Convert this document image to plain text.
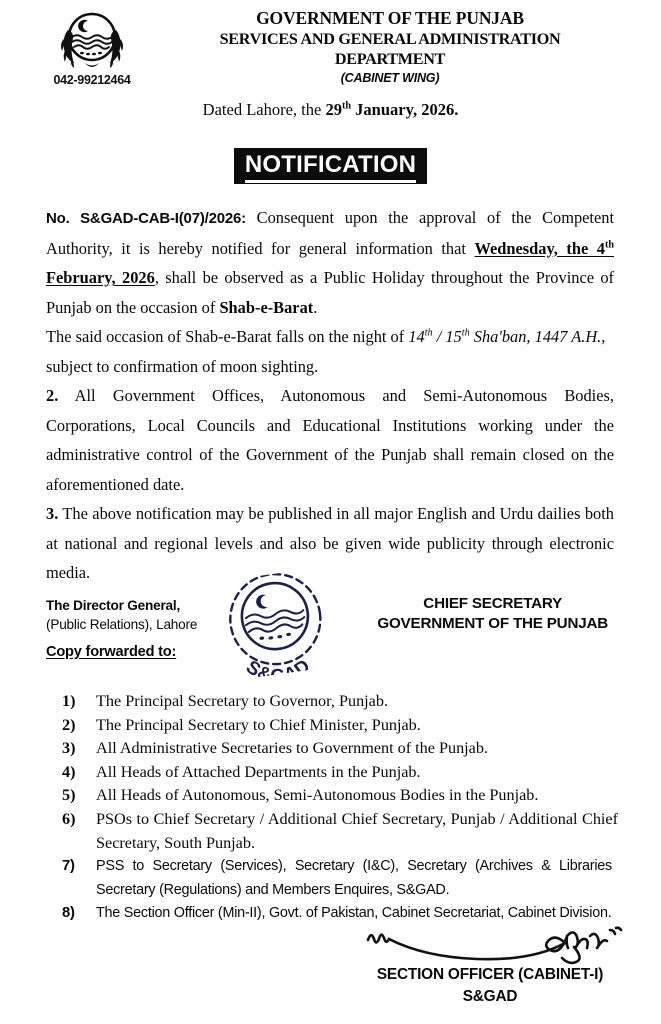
042-99212464
GOVERNMENT OF THE PUNJAB
SERVICES AND GENERAL ADMINISTRATION
DEPARTMENT
(CABINET WING)
Dated Lahore, the 29th January, 2026.
NOTIFICATION

No. S&GAD-CAB-I(07)/2026: Consequent upon the approval of the Competent Authority, it is hereby notified for general information that Wednesday, the 4th February, 2026, shall be observed as a Public Holiday throughout the Province of Punjab on the occasion of Shab-e-Barat.

The said occasion of Shab-e-Barat falls on the night of 14th / 15th Sha'ban, 1447 A.H., subject to confirmation of moon sighting.

2. All Government Offices, Autonomous and Semi-Autonomous Bodies, Corporations, Local Councils and Educational Institutions working under the administrative control of the Government of the Punjab shall remain closed on the aforementioned date.

3. The above notification may be published in all major English and Urdu dailies both at national and regional levels and also be given wide publicity through electronic media.

The Director General,
(Public Relations), Lahore
Copy forwarded to:
S&GAD
CHIEF SECRETARY
GOVERNMENT OF THE PUNJAB
1) The Principal Secretary to Governor, Punjab.
2) The Principal Secretary to Chief Minister, Punjab.
3) All Administrative Secretaries to Government of the Punjab.
4) All Heads of Attached Departments in the Punjab.
5) All Heads of Autonomous, Semi-Autonomous Bodies in the Punjab.
6) PSOs to Chief Secretary / Additional Chief Secretary, Punjab / Additional Chief Secretary, South Punjab.
7) PSS to Secretary (Services), Secretary (I&C), Secretary (Archives & Libraries Secretary (Regulations) and Members Enquires, S&GAD.
8) The Section Officer (Min-II), Govt. of Pakistan, Cabinet Secretariat, Cabinet Division.
SECTION OFFICER (CABINET-I)
S&GAD
